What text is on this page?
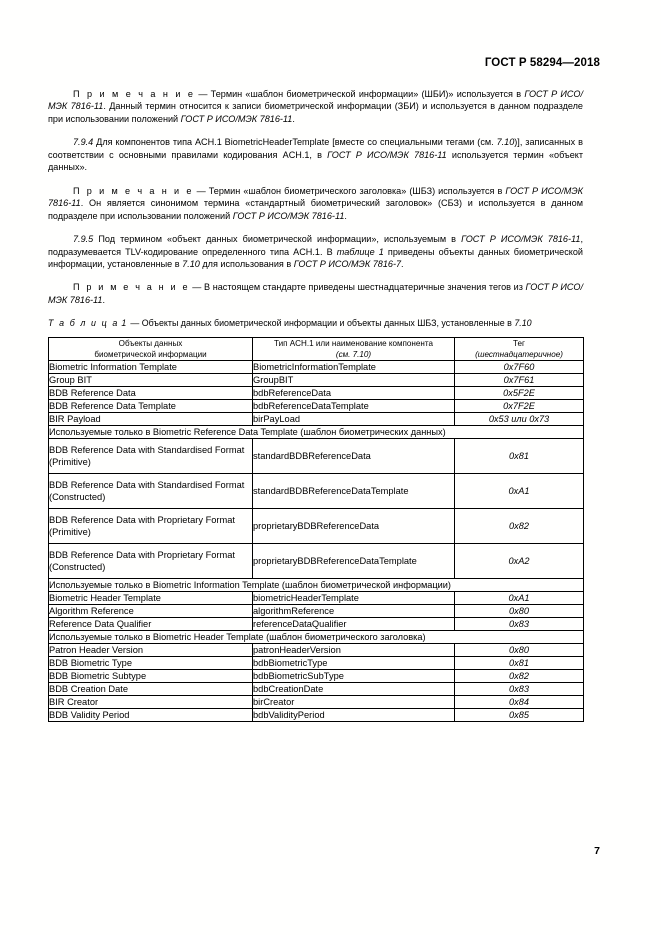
ГОСТ Р 58294—2018

П р и м е ч а н и е — Термин «шаблон биометрической информации» (ШБИ)» используется в ГОСТ Р ИСО/МЭК 7816-11. Данный термин относится к записи биометрической информации (ЗБИ) и используется в данном подразделе при использовании положений ГОСТ Р ИСО/МЭК 7816-11.

7.9.4 Для компонентов типа ACH.1 BiometricHeaderTemplate [вместе со специальными тегами (см. 7.10)], записанных в соответствии с основными правилами кодирования ACH.1, в ГОСТ Р ИСО/МЭК 7816-11 используется термин «объект данных».

П р и м е ч а н и е — Термин «шаблон биометрического заголовка» (ШБЗ) используется в ГОСТ Р ИСО/МЭК 7816-11. Он является синонимом термина «стандартный биометрический заголовок» (СБЗ) и используется в данном подразделе при использовании положений ГОСТ Р ИСО/МЭК 7816-11.

7.9.5 Под термином «объект данных биометрической информации», используемым в ГОСТ Р ИСО/МЭК 7816-11, подразумевается TLV-кодирование определенного типа ACH.1. В таблице 1 приведены объекты данных биометрической информации, установленные в 7.10 для использования в ГОСТ Р ИСО/МЭК 7816-7.

П р и м е ч а н и е — В настоящем стандарте приведены шестнадцатеричные значения тегов из ГОСТ Р ИСО/МЭК 7816-11.

Т а б л и ц а 1 — Объекты данных биометрической информации и объекты данных ШБЗ, установленные в 7.10
Объекты данных
биометрической информации

Тип ACH.1 или наименование компонента
(см. 7.10)

Тег
(шестнадцатеричное)

Biometric Information Template	BiometricInformationTemplate	0x7F60
Group BIT	GroupBIT	0x7F61
BDB Reference Data	bdbReferenceData	0x5F2E
BDB Reference Data Template	bdbReferenceDataTemplate	0x7F2E
BIR Payload	birPayLoad	0x53 или 0x73
Используемые только в Biometric Reference Data Template (шаблон биометрических данных)		
BDB Reference Data with Standardised Format (Primitive)	standardBDBReferenceData	0x81
BDB Reference Data with Standardised Format (Constructed)	standardBDBReferenceDataTemplate	0xA1
BDB Reference Data with Proprietary Format (Primitive)	proprietaryBDBReferenceData	0x82
BDB Reference Data with Proprietary Format (Constructed)	proprietaryBDBReferenceDataTemplate	0xA2
Используемые только в Biometric Information Template (шаблон биометрической информации)		
Biometric Header Template	biometricHeaderTemplate	0xA1
Algorithm Reference	algorithmReference	0x80
Reference Data Qualifier	referenceDataQualifier	0x83
Используемые только в Biometric Header Template (шаблон биометрического заголовка)		
Patron Header Version	patronHeaderVersion	0x80
BDB Biometric Type	bdbBiometricType	0x81
BDB Biometric Subtype	bdbBiometricSubType	0x82
BDB Creation Date	bdbCreationDate	0x83
BIR Creator	birCreator	0x84
BDB Validity Period	bdbValidityPeriod	0x85
7
